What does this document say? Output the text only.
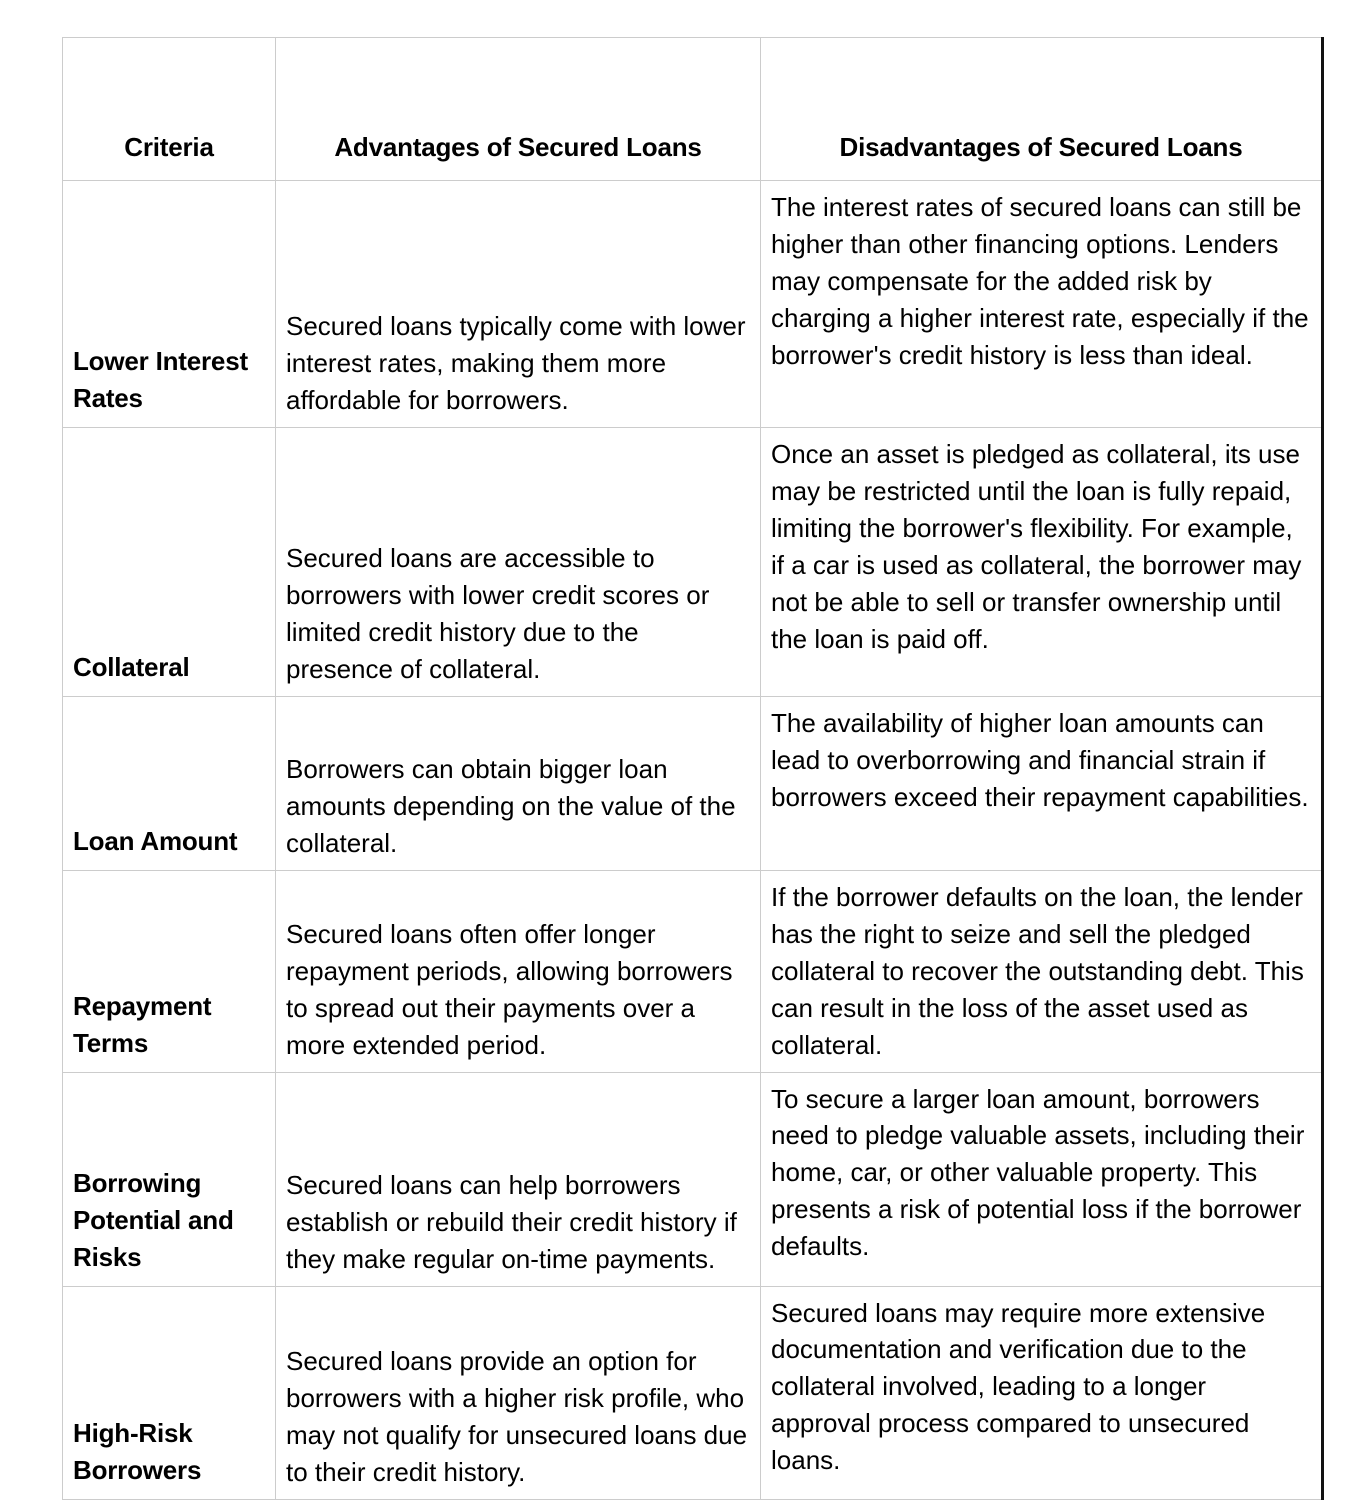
Criteria	Advantages of Secured Loans	Disadvantages of Secured Loans
Lower Interest Rates	Secured loans typically come with lower interest rates, making them more affordable for borrowers.	The interest rates of secured loans can still be higher than other financing options. Lenders may compensate for the added risk by charging a higher interest rate, especially if the borrower's credit history is less than ideal.
Collateral	Secured loans are accessible to borrowers with lower credit scores or limited credit history due to the presence of collateral.	Once an asset is pledged as collateral, its use may be restricted until the loan is fully repaid, limiting the borrower's flexibility. For example, if a car is used as collateral, the borrower may not be able to sell or transfer ownership until the loan is paid off.
Loan Amount	Borrowers can obtain bigger loan amounts depending on the value of the collateral.	The availability of higher loan amounts can lead to overborrowing and financial strain if borrowers exceed their repayment capabilities.
Repayment Terms	Secured loans often offer longer repayment periods, allowing borrowers to spread out their payments over a more extended period.	If the borrower defaults on the loan, the lender has the right to seize and sell the pledged collateral to recover the outstanding debt. This can result in the loss of the asset used as collateral.
Borrowing Potential and Risks	Secured loans can help borrowers establish or rebuild their credit history if they make regular on-time payments.	To secure a larger loan amount, borrowers need to pledge valuable assets, including their home, car, or other valuable property. This presents a risk of potential loss if the borrower defaults.
High-Risk Borrowers	Secured loans provide an option for borrowers with a higher risk profile, who may not qualify for unsecured loans due to their credit history.	Secured loans may require more extensive documentation and verification due to the collateral involved, leading to a longer approval process compared to unsecured loans.
